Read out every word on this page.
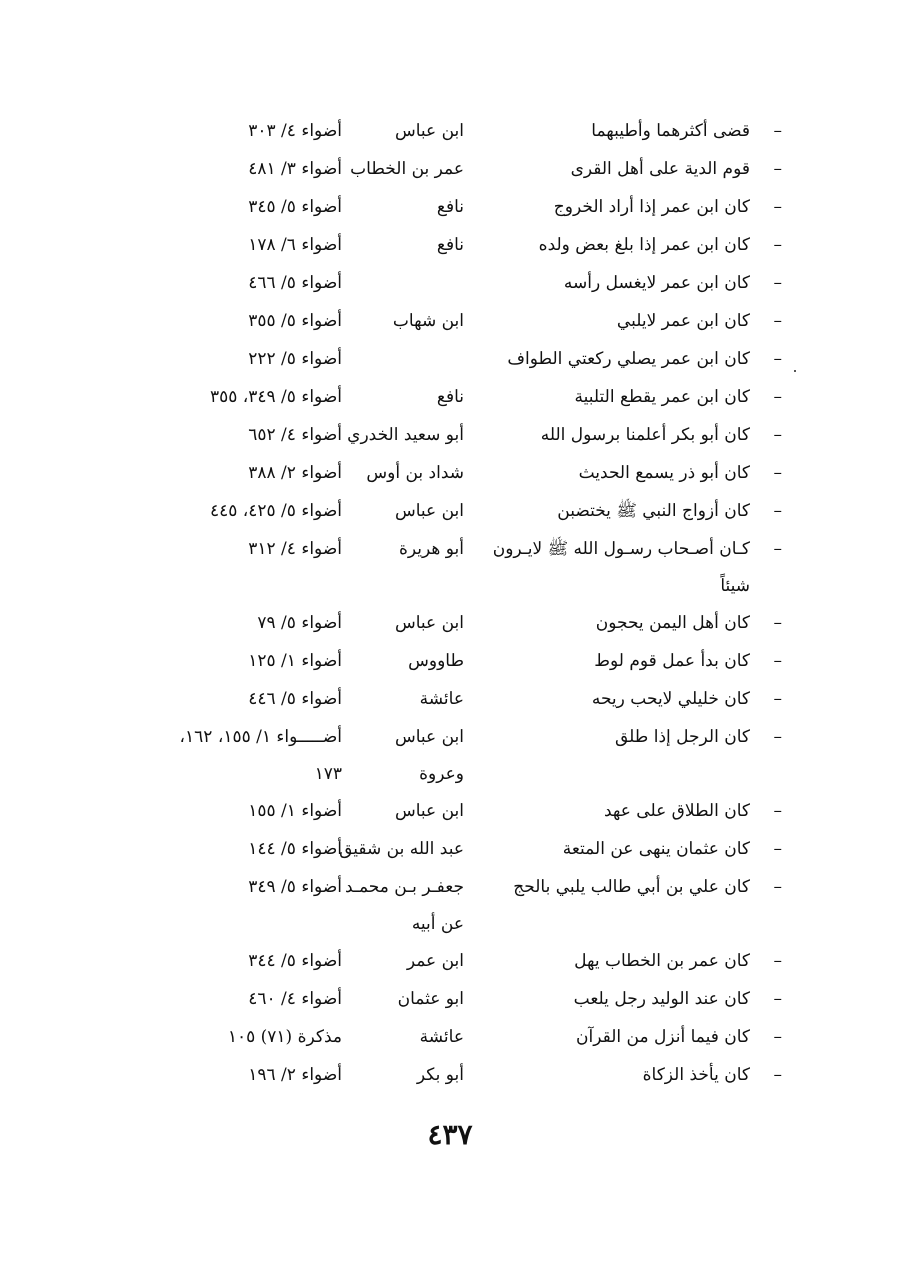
–
قضى أكثرهما وأطيبهما
ابن عباس
أضواء ٤/ ٣٠٣
–
قوم الدية على أهل القرى
عمر بن الخطاب
أضواء ٣/ ٤٨١
–
كان ابن عمر إذا أراد الخروج
نافع
أضواء ٥/ ٣٤٥
–
كان ابن عمر إذا بلغ بعض ولده
نافع
أضواء ٦/ ١٧٨
–
كان ابن عمر لايغسل رأسه
أضواء ٥/ ٤٦٦
–
كان ابن عمر لايلبي
ابن شهاب
أضواء ٥/ ٣٥٥
–
كان ابن عمر يصلي ركعتي الطواف
أضواء ٥/ ٢٢٢
–
كان ابن عمر يقطع التلبية
نافع
أضواء ٥/ ٣٤٩، ٣٥٥
–
كان أبو بكر أعلمنا برسول الله
أبو سعيد الخدري
أضواء ٤/ ٦٥٢
–
كان أبو ذر يسمع الحديث
شداد بن أوس
أضواء ٢/ ٣٨٨
–
كان أزواج النبي ﷺ يختضبن
ابن عباس
أضواء ٥/ ٤٢٥، ٤٤٥
–
كـان أصـحاب رسـول الله ﷺ لايـرون
أبو هريرة
أضواء ٤/ ٣١٢
شيئاً
–
كان أهل اليمن يحجون
ابن عباس
أضواء ٥/ ٧٩
–
كان بدأ عمل قوم لوط
طاووس
أضواء ١/ ١٢٥
–
كان خليلي لايحب ريحه
عائشة
أضواء ٥/ ٤٤٦
–
كان الرجل إذا طلق
ابن عباس
أضـــــواء ١/ ١٥٥، ١٦٢،
وعروة
١٧٣
–
كان الطلاق على عهد
ابن عباس
أضواء ١/ ١٥٥
–
كان عثمان ينهى عن المتعة
عبد الله بن شقيق
أضواء ٥/ ١٤٤
–
كان علي بن أبي طالب يلبي بالحج
جعفـر بـن محمـد
أضواء ٥/ ٣٤٩
عن أبيه
–
كان عمر بن الخطاب يهل
ابن عمر
أضواء ٥/ ٣٤٤
–
كان عند الوليد رجل يلعب
ابو عثمان
أضواء ٤/ ٤٦٠
–
كان فيما أنزل من القرآن
عائشة
مذكرة (٧١) ١٠٥
–
كان يأخذ الزكاة
أبو بكر
أضواء ٢/ ١٩٦
٤٣٧
